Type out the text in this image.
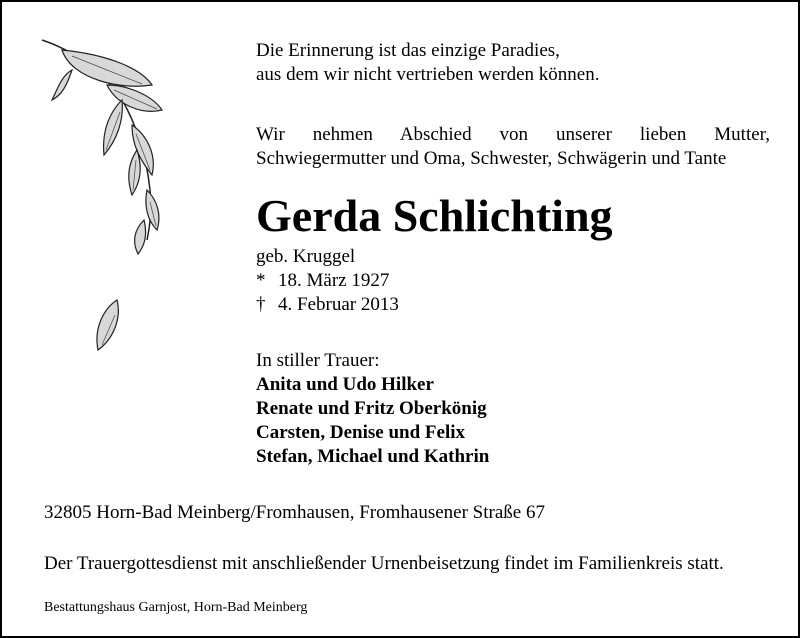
Die Erinnerung ist das einzige Paradies,
aus dem wir nicht vertrieben werden können.
Wir nehmen Abschied von unserer lieben Mutter,
Schwiegermutter und Oma, Schwester, Schwägerin und Tante
Gerda Schlichting
geb. Kruggel
* 18. März 1927
† 4. Februar 2013
In stiller Trauer:
Anita und Udo Hilker
Renate und Fritz Oberkönig
Carsten, Denise und Felix
Stefan, Michael und Kathrin
32805 Horn-Bad Meinberg/Fromhausen, Fromhausener Straße 67
Der Trauergottesdienst mit anschließender Urnenbeisetzung findet im Familienkreis statt.
Bestattungshaus Garnjost, Horn-Bad Meinberg
